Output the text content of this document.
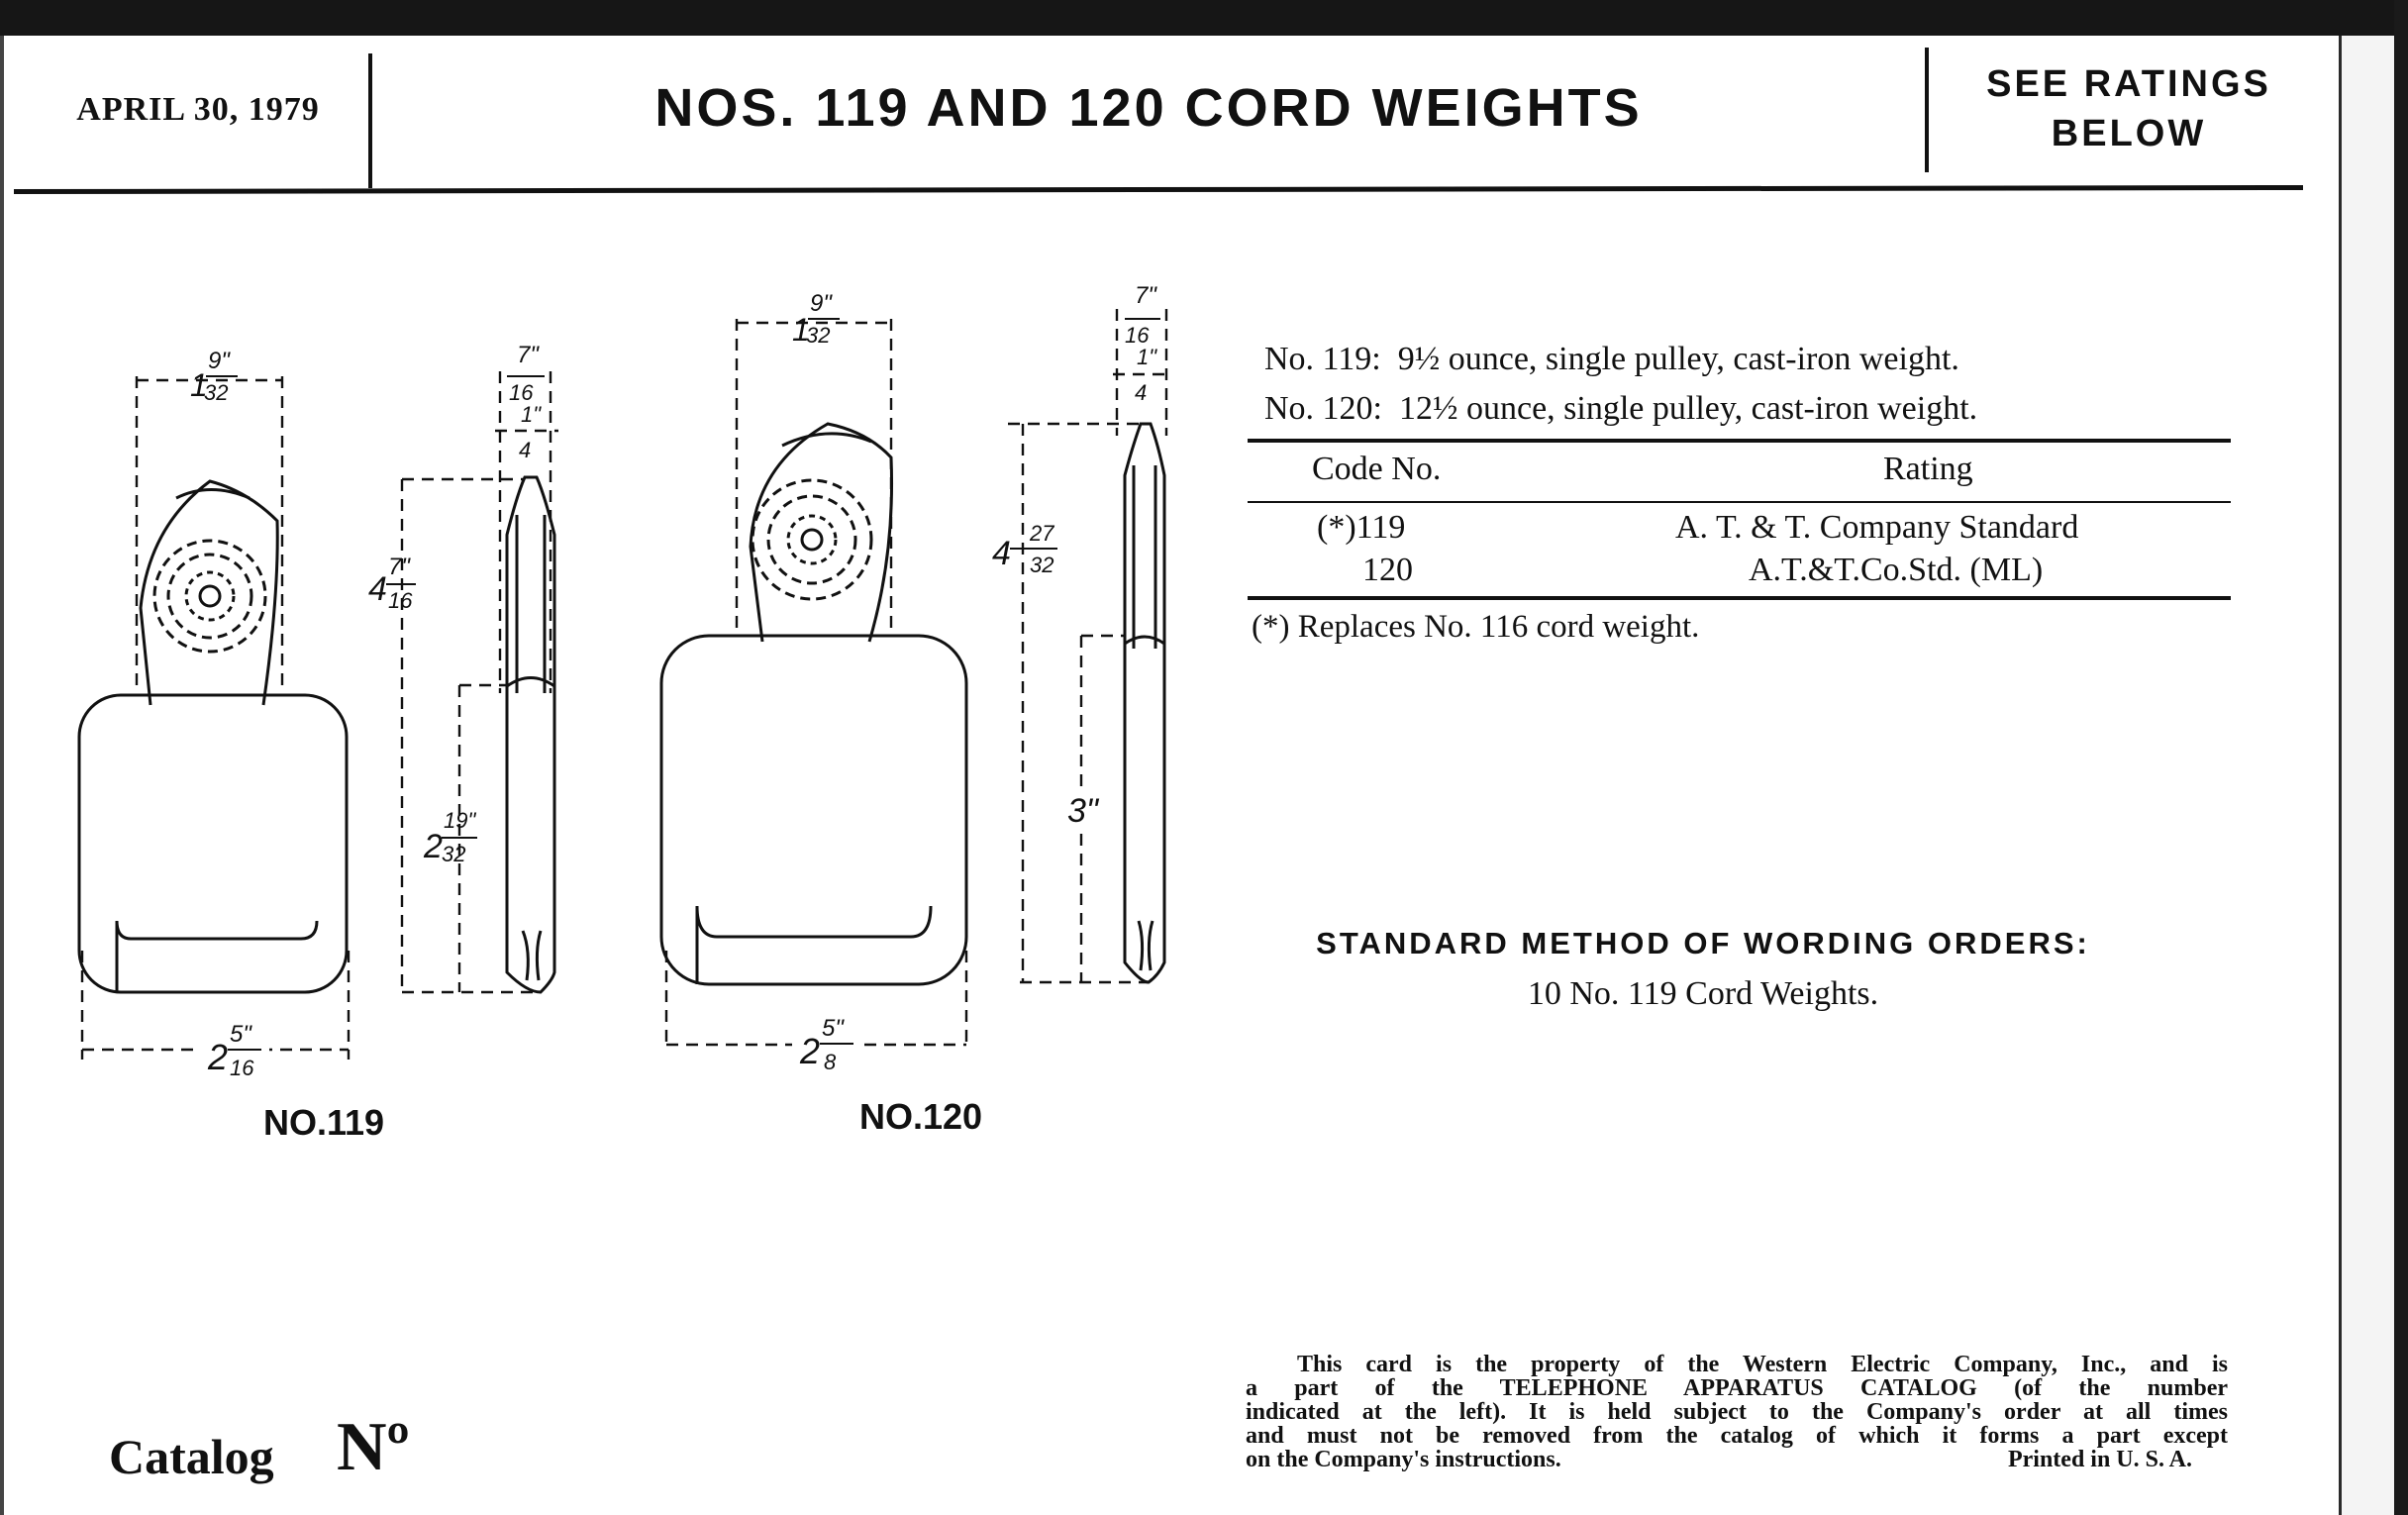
APRIL 30, 1979	NOS. 119 AND 120 CORD WEIGHTS	SEE RATINGS
BELOW
1
9"
32
7"
16
1"
4
4
7"
16
2
19"
32
2
5"
16
1
9"
32
7"
16
1"
4
4
27
32
3"
2
5"
8
NO.119	NO.120

No. 119: 9½ ounce, single pulley, cast-iron weight.

No. 120: 12½ ounce, single pulley, cast-iron weight.

Code No.	Rating
(*)119	A. T. & T. Company Standard
120	A.T.&T.Co.Std. (ML)
(*) Replaces No. 116 cord weight.
STANDARD METHOD OF WORDING ORDERS:
10 No. 119 Cord Weights.
This card is the property of the Western Electric Company, Inc., and is
a part of the TELEPHONE APPARATUS CATALOG (of the number
indicated at the left). It is held subject to the Company's order at all times
and must not be removed from the catalog of which it forms a part except
on the Company's instructions.	Printed in U. S. A.
Catalog Nº
